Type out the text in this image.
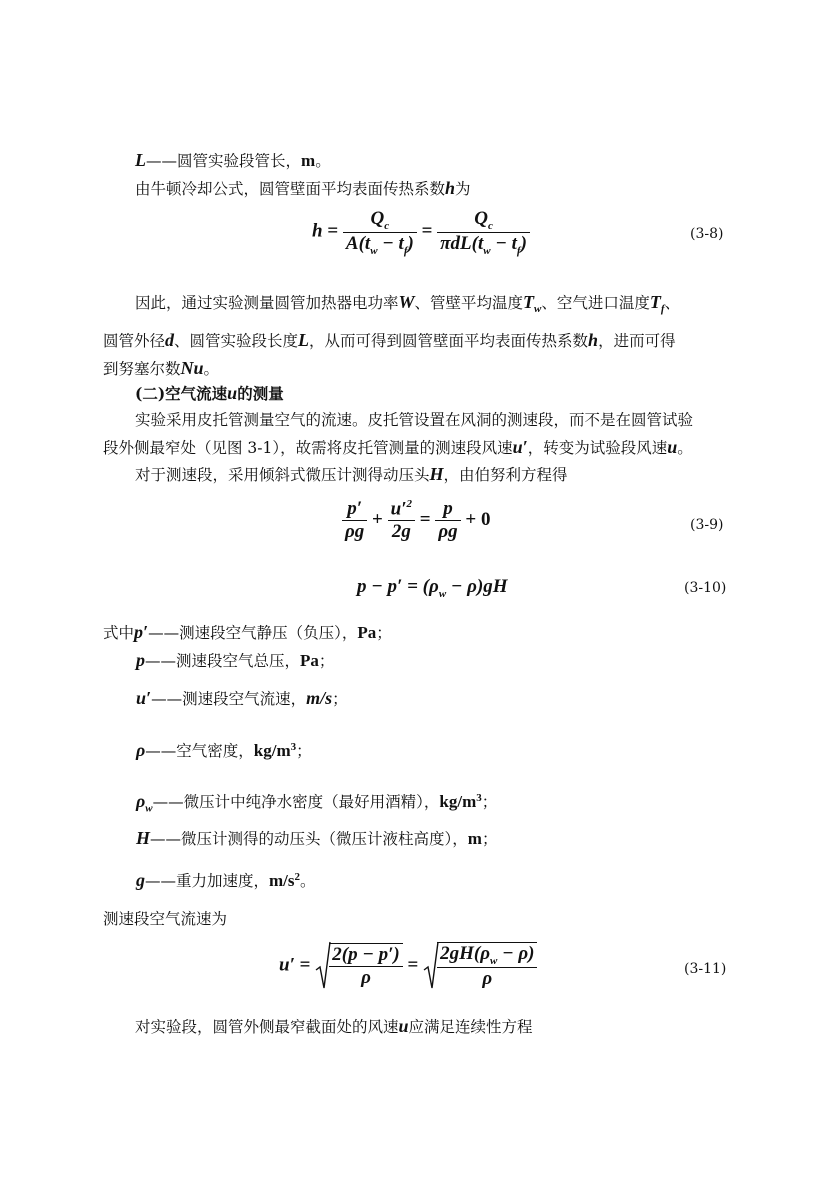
L——圆管实验段管长，m。
由牛顿冷却公式，圆管壁面平均表面传热系数h为
$h = \frac{Q_c}{A(t_w - t_f)} = \frac{Q_c}{\pi dL(t_w - t_f)}$	(3-8)
因此，通过实验测量圆管加热器电功率W、管壁平均温度$T_w$、空气进口温度$T_f$、
圆管外径d、圆管实验段长度L，从而可得到圆管壁面平均表面传热系数h，进而可得
到努塞尔数Nu。
(二)空气流速u的测量
实验采用皮托管测量空气的流速。皮托管设置在风洞的测速段，而不是在圆管试验
段外侧最窄处（见图 3-1），故需将皮托管测量的测速段风速u′，转变为试验段风速u。
对于测速段，采用倾斜式微压计测得动压头H，由伯努利方程得
$\frac{p'}{\rho g} + \frac{u'^2}{2g} = \frac{p}{\rho g} + 0$	(3-9)
$p - p' = (\rho_w - \rho)gH$	(3-10)
式中p′——测速段空气静压（负压），Pa；
p——测速段空气总压，Pa；
u′——测速段空气流速，m/s；
ρ——空气密度，$kg/m^3$；
$\rho_w——$微压计中纯净水密度（最好用酒精），$kg/m^3$；
H——微压计测得的动压头（微压计液柱高度），m；
g——重力加速度，$m/s^2$。
测速段空气流速为
$u' = \frac{2(p - p')}{\rho} = \frac{2gH(\rho_w - \rho)}{\rho}$	(3-11)
对实验段，圆管外侧最窄截面处的风速u应满足连续性方程
